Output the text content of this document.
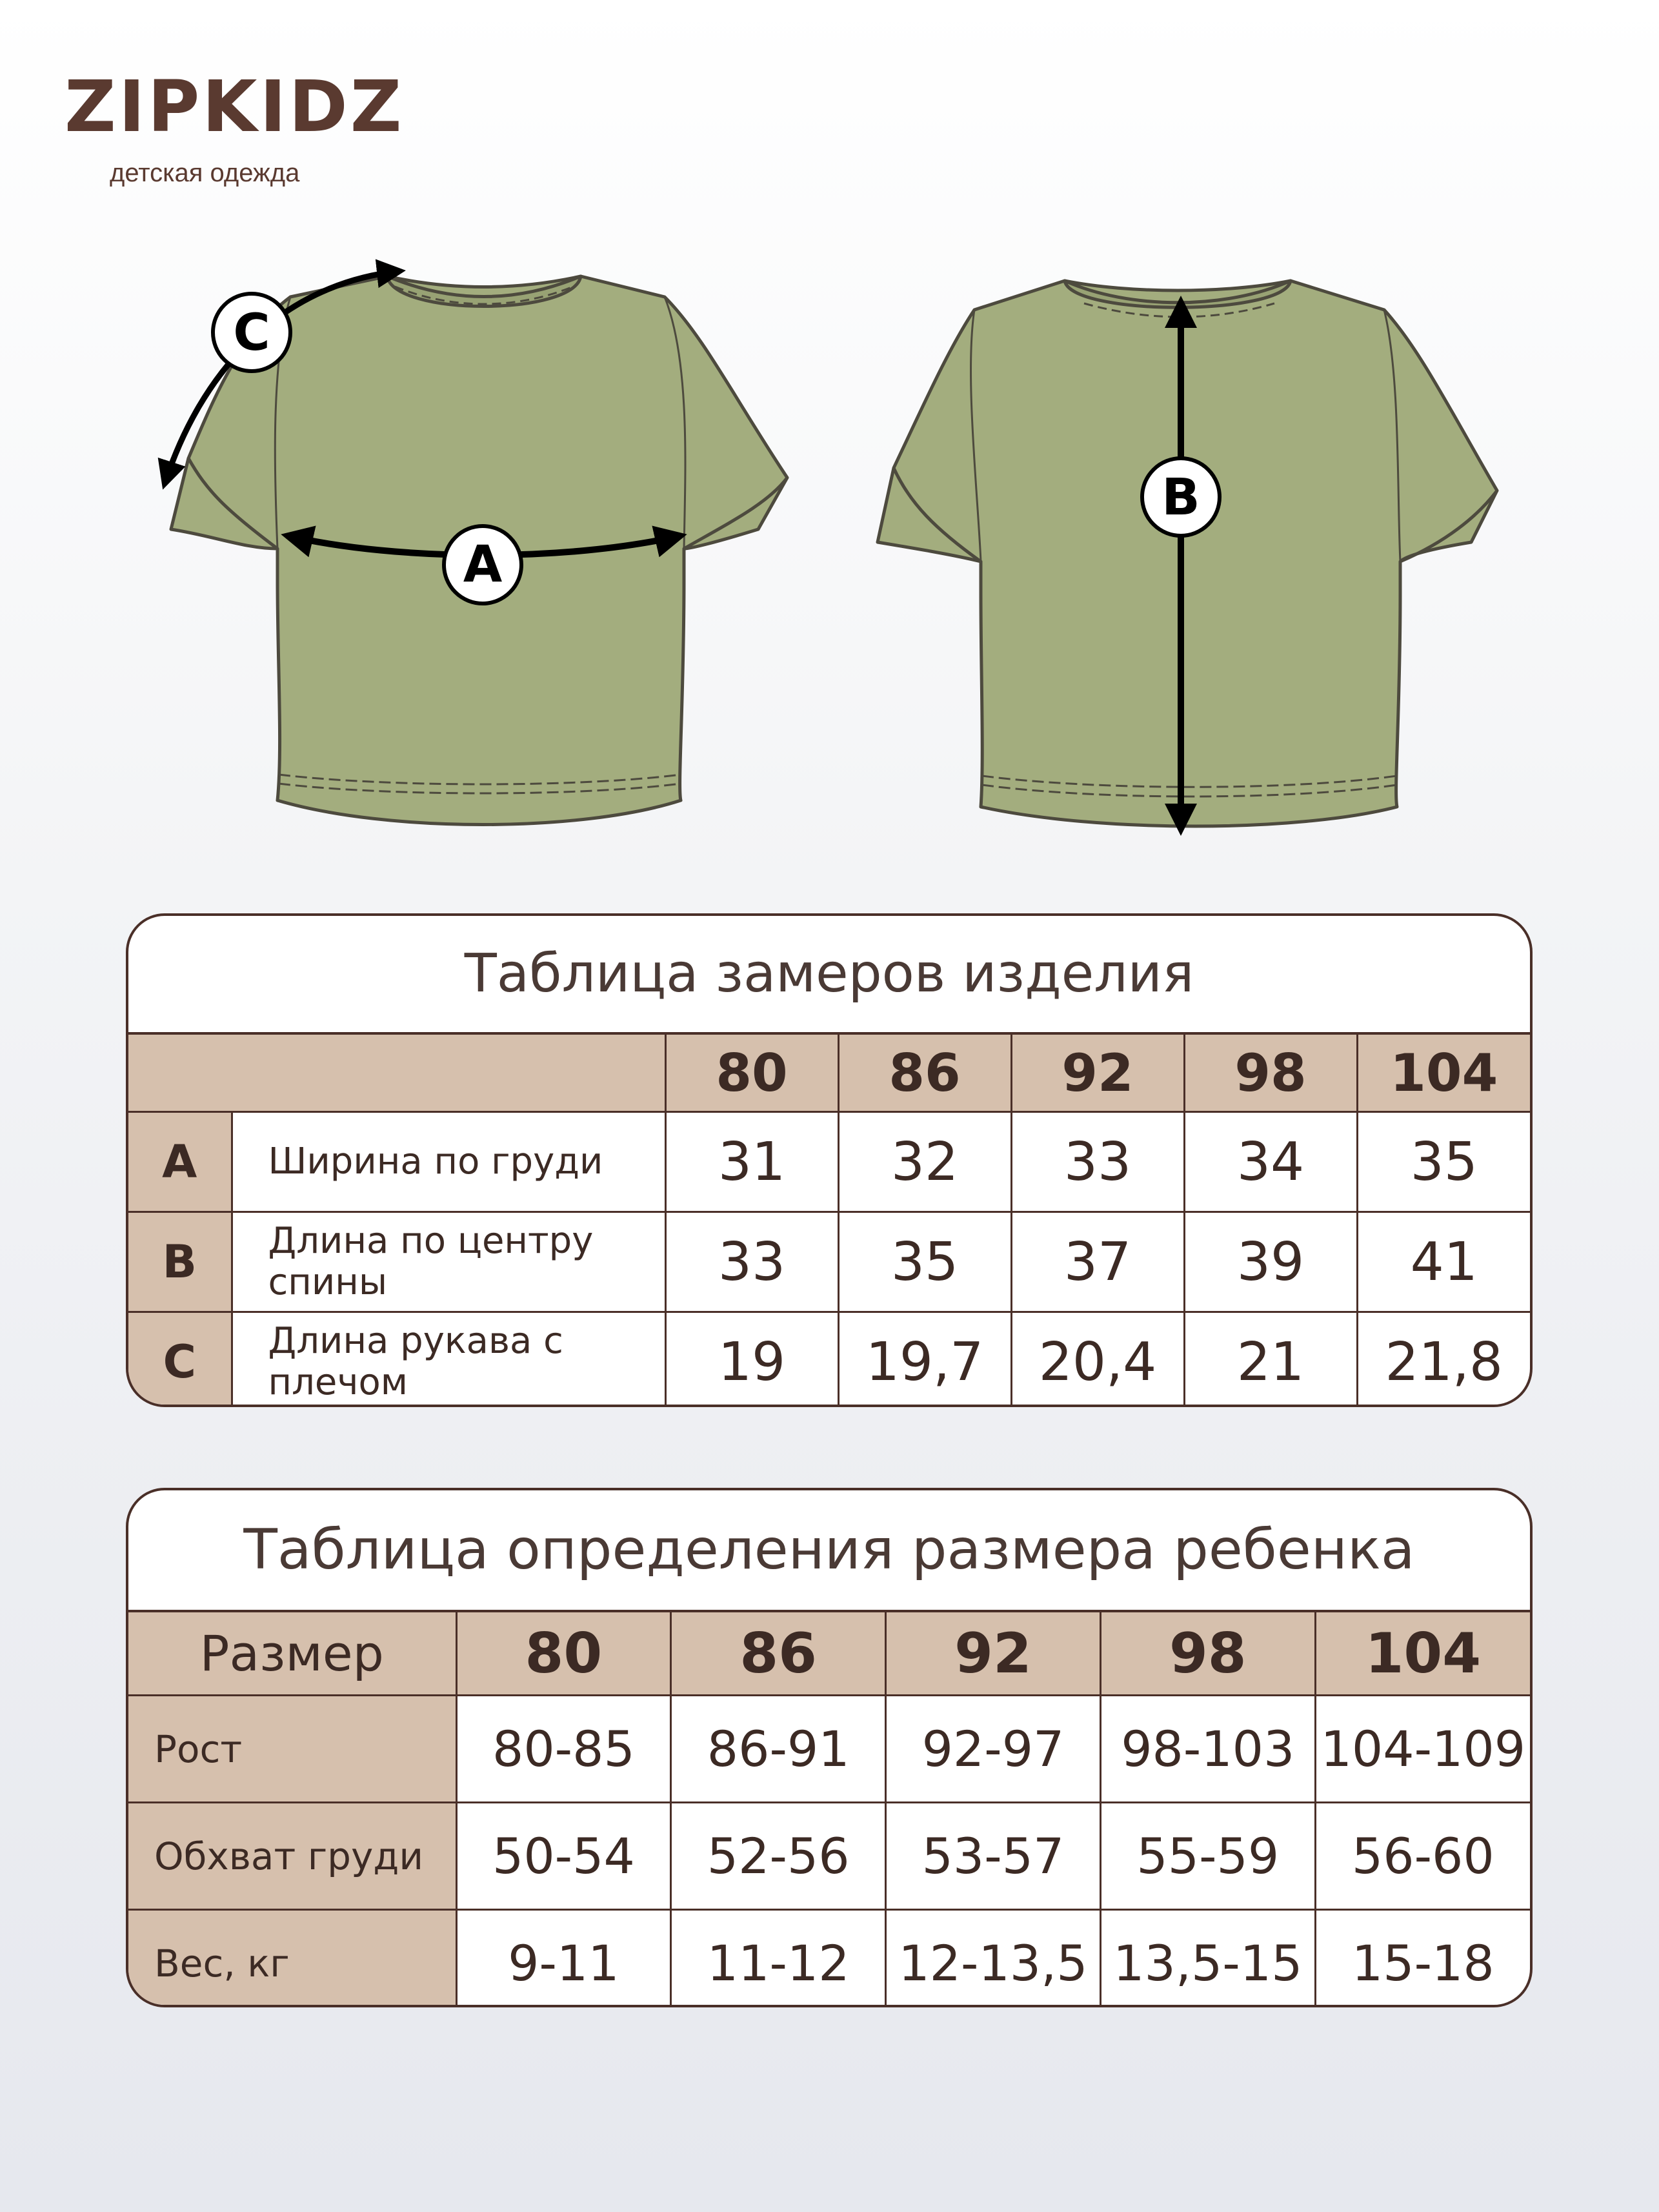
ZIPKIDZ
детская одежда
A
C
B
Таблица замеров изделия
		80	86	92	98	104
A	Ширина по груди	31	32	33	34	35
B	Длина по центру спины	33	35	37	39	41
C	Длина рукава с плечом	19	19,7	20,4	21	21,8
Таблица определения размера ребенка
Размер	80	86	92	98	104
Рост	80-85	86-91	92-97	98-103	104-109
Обхват груди	50-54	52-56	53-57	55-59	56-60
Вес, кг	9-11	11-12	12-13,5	13,5-15	15-18
